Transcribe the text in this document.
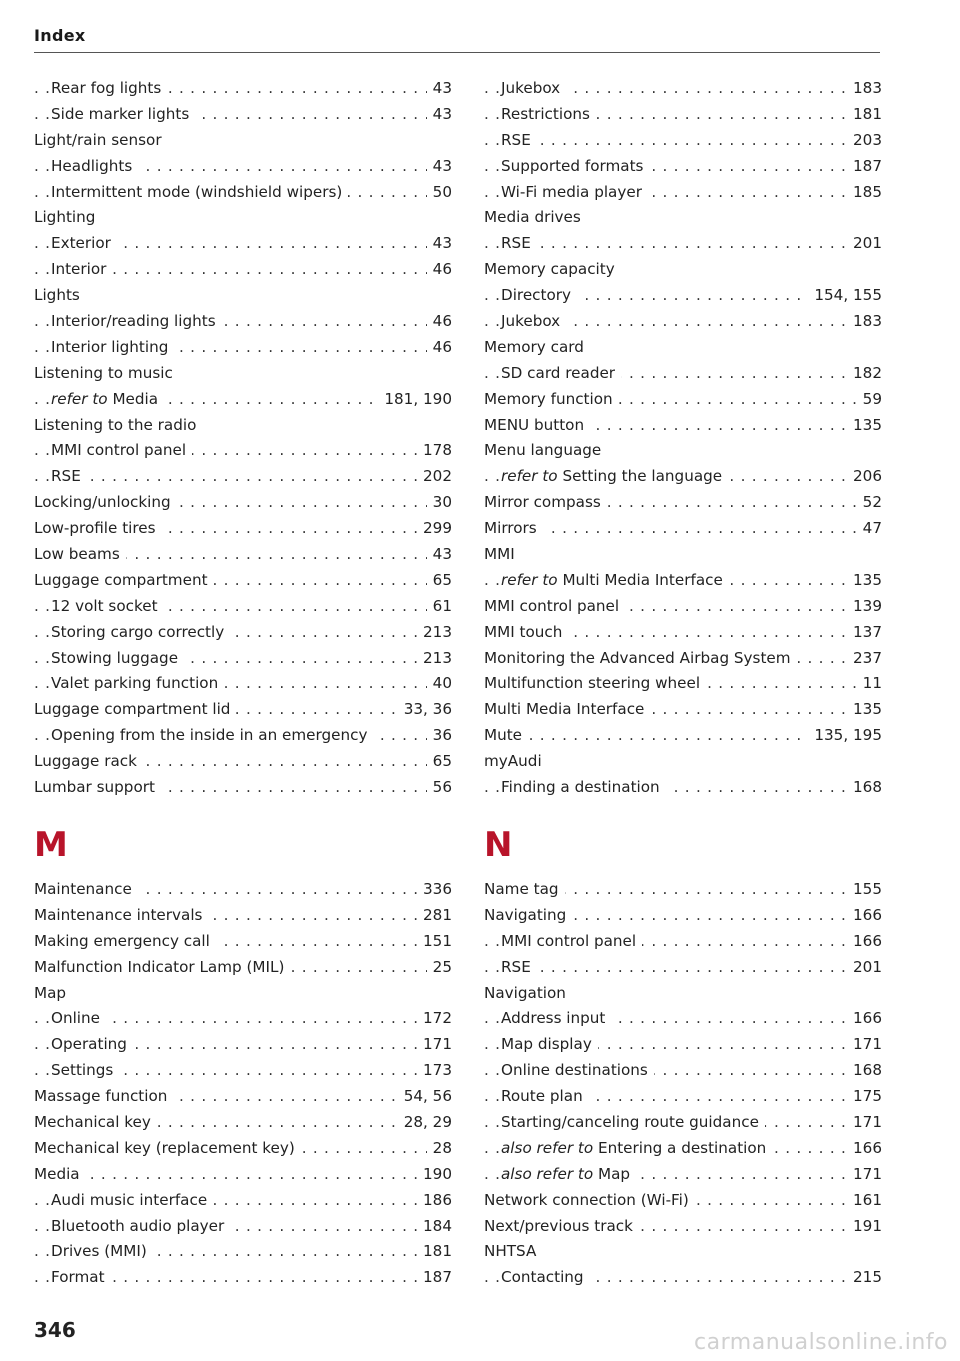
Index
Rear fog lights . . .	43
Side marker lights . . .	43
Light/rain sensor
Headlights . . .	43
Intermittent mode (windshield wipers) . . .	50
Lighting
Exterior . . .	43
Interior . . .	46
Lights
Interior/reading lights . . .	46
Interior lighting . . .	46
Listening to music
refer to Media . . .	181, 190
Listening to the radio
MMI control panel . . .	178
RSE . . .	202
Locking/unlocking . . .	30
Low-profile tires . . .	299
Low beams . . .	43
Luggage compartment . . .	65
12 volt socket . . .	61
Storing cargo correctly . . .	213
Stowing luggage . . .	213
Valet parking function . . .	40
Luggage compartment lid . . .	33, 36
Opening from the inside in an emergency . . .	36
Luggage rack . . .	65
Lumbar support . . .	56
M
Maintenance . . .	336
Maintenance intervals . . .	281
Making emergency call . . .	151
Malfunction Indicator Lamp (MIL) . . .	25
Map
Online . . .	172
Operating . . .	171
Settings . . .	173
Massage function . . .	54, 56
Mechanical key . . .	28, 29
Mechanical key (replacement key) . . .	28
Media . . .	190
Audi music interface . . .	186
Bluetooth audio player . . .	184
Drives (MMI) . . .	181
Format . . .	187
Jukebox . . .	183
Restrictions . . .	181
RSE . . .	203
Supported formats . . .	187
Wi-Fi media player . . .	185
Media drives
RSE . . .	201
Memory capacity
Directory . . .	154, 155
Jukebox . . .	183
Memory card
SD card reader . . .	182
Memory function . . .	59
MENU button . . .	135
Menu language
refer to Setting the language . . .	206
Mirror compass . . .	52
Mirrors . . .	47
MMI
refer to Multi Media Interface . . .	135
MMI control panel . . .	139
MMI touch . . .	137
Monitoring the Advanced Airbag System . . .	237
Multifunction steering wheel . . .	11
Multi Media Interface . . .	135
Mute . . .	135, 195
myAudi
Finding a destination . . .	168
N
Name tag . . .	155
Navigating . . .	166
MMI control panel . . .	166
RSE . . .	201
Navigation
Address input . . .	166
Map display . . .	171
Online destinations . . .	168
Route plan . . .	175
Starting/canceling route guidance . . .	171
also refer to Entering a destination . . .	166
also refer to Map . . .	171
Network connection (Wi-Fi) . . .	161
Next/previous track . . .	191
NHTSA
Contacting . . .	215
346	carmanualsonline.info
